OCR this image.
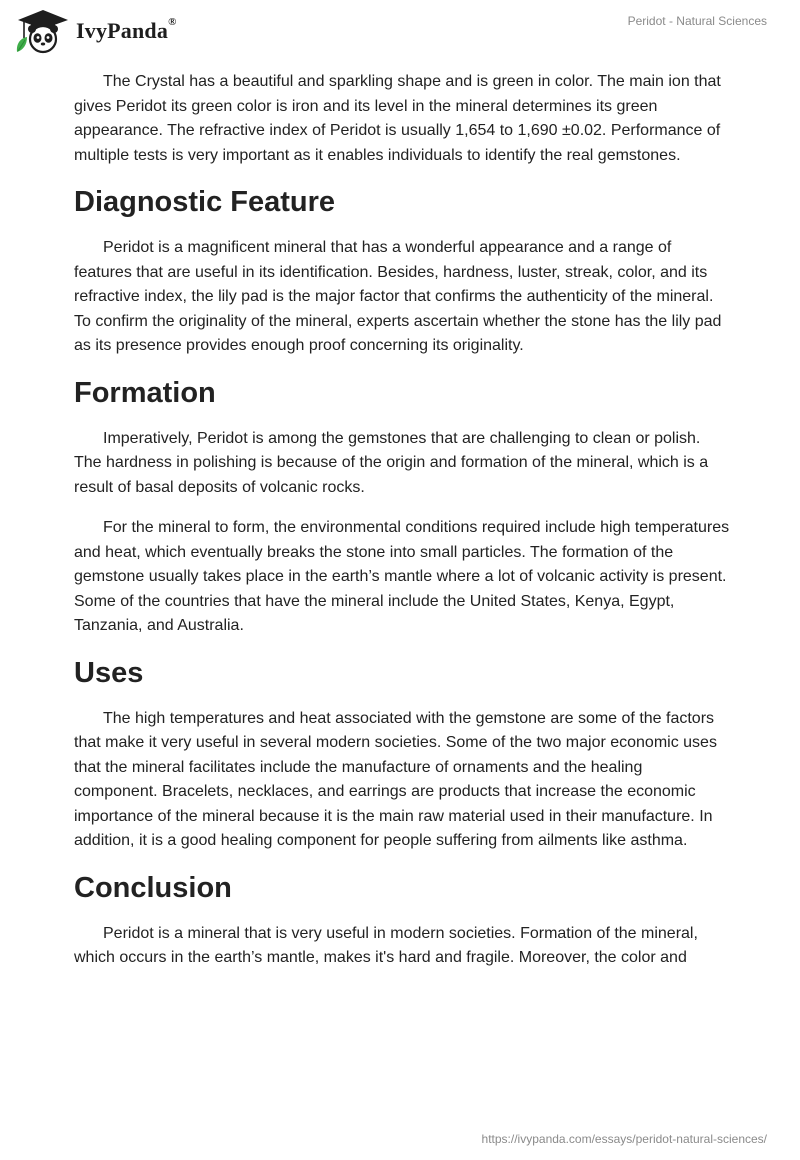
IvyPanda®	Peridot - Natural Sciences

The Crystal has a beautiful and sparkling shape and is green in color. The main ion that gives Peridot its green color is iron and its level in the mineral determines its green appearance. The refractive index of Peridot is usually 1,654 to 1,690 ±0.02. Performance of multiple tests is very important as it enables individuals to identify the real gemstones.

Diagnostic Feature

Peridot is a magnificent mineral that has a wonderful appearance and a range of features that are useful in its identification. Besides, hardness, luster, streak, color, and its refractive index, the lily pad is the major factor that confirms the authenticity of the mineral. To confirm the originality of the mineral, experts ascertain whether the stone has the lily pad as its presence provides enough proof concerning its originality.

Formation

Imperatively, Peridot is among the gemstones that are challenging to clean or polish. The hardness in polishing is because of the origin and formation of the mineral, which is a result of basal deposits of volcanic rocks.

For the mineral to form, the environmental conditions required include high temperatures and heat, which eventually breaks the stone into small particles. The formation of the gemstone usually takes place in the earth’s mantle where a lot of volcanic activity is present. Some of the countries that have the mineral include the United States, Kenya, Egypt, Tanzania, and Australia.

Uses

The high temperatures and heat associated with the gemstone are some of the factors that make it very useful in several modern societies. Some of the two major economic uses that the mineral facilitates include the manufacture of ornaments and the healing component. Bracelets, necklaces, and earrings are products that increase the economic importance of the mineral because it is the main raw material used in their manufacture. In addition, it is a good healing component for people suffering from ailments like asthma.

Conclusion

Peridot is a mineral that is very useful in modern societies. Formation of the mineral, which occurs in the earth’s mantle, makes it's hard and fragile. Moreover, the color and

https://ivypanda.com/essays/peridot-natural-sciences/
